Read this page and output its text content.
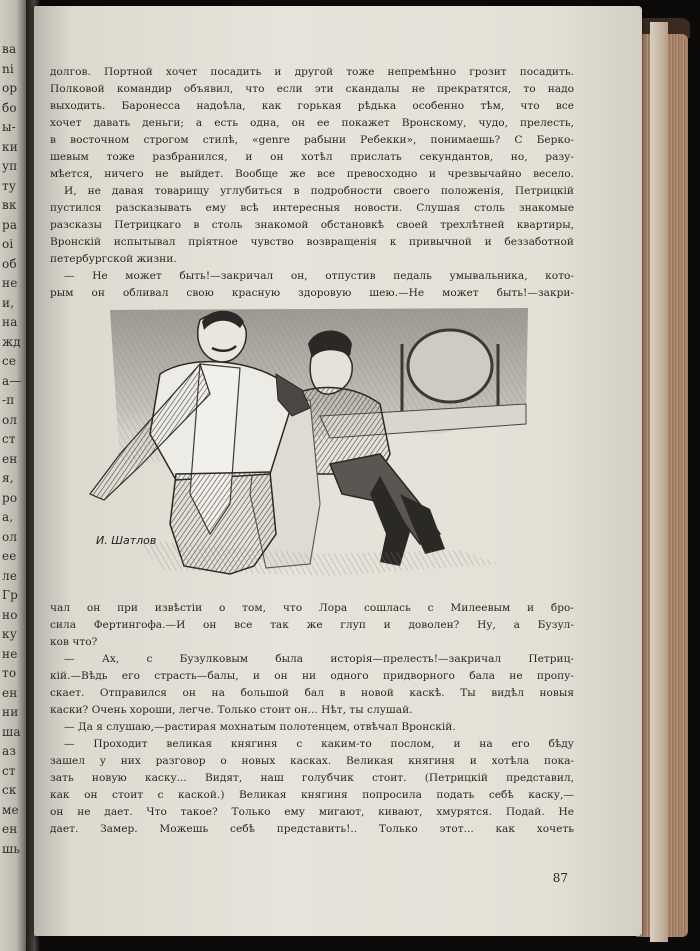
ва
ni
ор
бо
ы-
ки
уп
ту
вк
ра
оі
об
не
и,
на
жд
се
а—
-п
ол
ст
ен
я,
ро
а,
ол
ее
ле
Гр
но
ку
не
то
ен
ни
ша
аз
ст
ск
ме
ен
шь

долгов. Портной хочет посадить и другой тоже непремѣнно грозит посадить.

Полковой командир объявил, что если эти скандалы не прекратятся, то надо

выходить. Баронесса надоѣла, как горькая рѣдька особенно тѣм, что все

хочет давать деньги; а есть одна, он ее покажет Вронскому, чудо, прелесть,

в восточном строгом стилѣ, «genre рабыни Ребекки», понимаешь? С Берко-

шевым тоже разбранился, и он хотѣл прислать секундантов, но, разу-

мѣется, ничего не выйдет. Вообще же все превосходно и чрезвычайно весело.

И, не давая товарищу углубиться в подробности своего положенія, Петрицкій

пустился разсказывать ему всѣ интересныя новости. Слушая столь знакомые

разсказы Петрицкаго в столь знакомой обстановкѣ своей трехлѣтней квартиры,

Вронскій испытывал пріятное чувство возвращенія к привычной и беззаботной

петербургской жизни.

— Не может быть!—закричал он, отпустив педаль умывальника, кото-

рым он обливал свою красную здоровую шею.—Не может быть!—закри-

И. Шатлов

чал он при извѣстіи о том, что Лора сошлась с Милеевым и бро-

сила Фертингофа.—И он все так же глуп и доволен? Ну, а Бузул-

ков что?

— Ах, с Бузулковым была исторія—прелесть!—закричал Петриц-

кій.—Вѣдь его страсть—балы, и он ни одного придворного бала не пропу-

скает. Отправился он на большой бал в новой каскѣ. Ты видѣл новыя

каски? Очень хороши, легче. Только стоит он... Нѣт, ты слушай.

— Да я слушаю,—растирая мохнатым полотенцем, отвѣчал Вронскій.

— Проходит великая княгиня с каким-то послом, и на его бѣду

зашел у них разговор о новых касках. Великая княгиня и хотѣла пока-

зать новую каску... Видят, наш голубчик стоит. (Петрицкій представил,

как он стоит с каской.) Великая княгиня попросила подать себѣ каску,—

он не дает. Что такое? Только ему мигают, кивают, хмурятся. Подай. Не

дает. Замер. Можешь себѣ представить!.. Только этот... как хочеть

87
